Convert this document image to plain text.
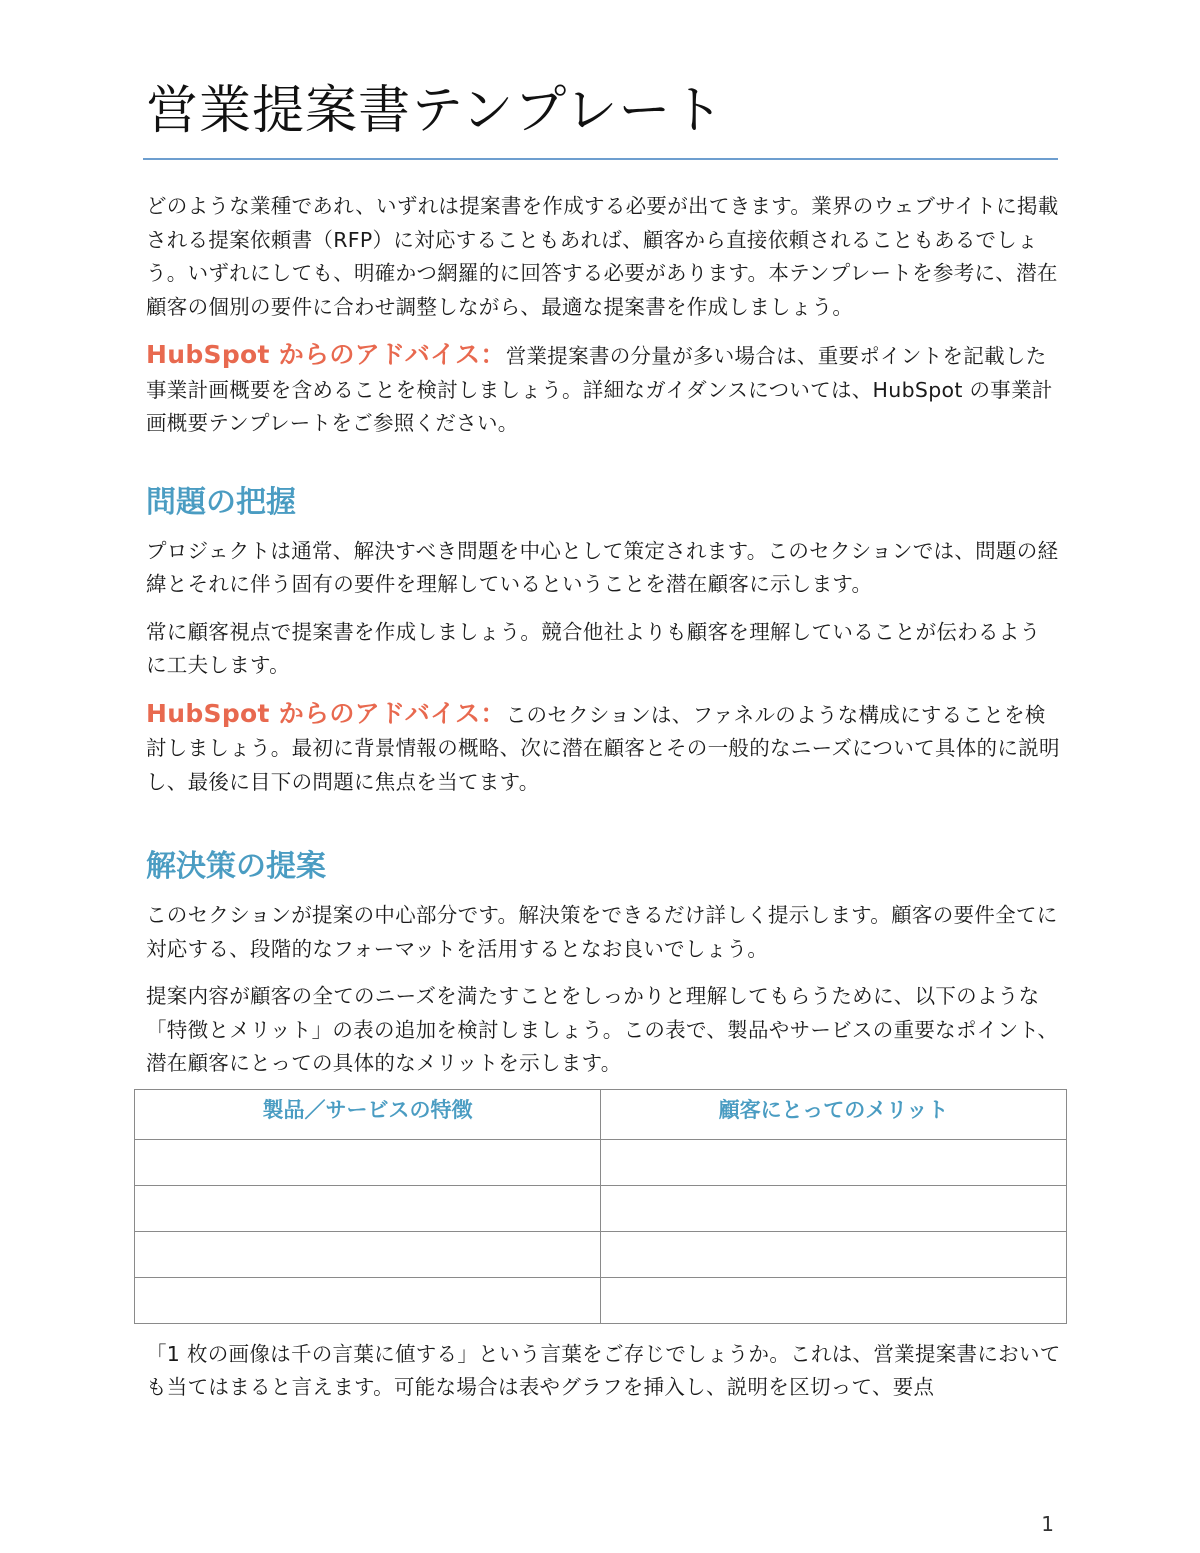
営業提案書テンプレート

どのような業種であれ、いずれは提案書を作成する必要が出てきます。業界のウェブサイトに掲載される提案依頼書（RFP）に対応することもあれば、顧客から直接依頼されることもあるでしょう。いずれにしても、明確かつ網羅的に回答する必要があります。本テンプレートを参考に、潜在顧客の個別の要件に合わせ調整しながら、最適な提案書を作成しましょう。

HubSpot からのアドバイス：営業提案書の分量が多い場合は、重要ポイントを記載した事業計画概要を含めることを検討しましょう。詳細なガイダンスについては、HubSpot の事業計画概要テンプレートをご参照ください。

問題の把握

プロジェクトは通常、解決すべき問題を中心として策定されます。このセクションでは、問題の経緯とそれに伴う固有の要件を理解しているということを潜在顧客に示します。

常に顧客視点で提案書を作成しましょう。競合他社よりも顧客を理解していることが伝わるように工夫します。

HubSpot からのアドバイス：このセクションは、ファネルのような構成にすることを検討しましょう。最初に背景情報の概略、次に潜在顧客とその一般的なニーズについて具体的に説明し、最後に目下の問題に焦点を当てます。

解決策の提案

このセクションが提案の中心部分です。解決策をできるだけ詳しく提示します。顧客の要件全てに対応する、段階的なフォーマットを活用するとなお良いでしょう。

提案内容が顧客の全てのニーズを満たすことをしっかりと理解してもらうために、以下のような「特徴とメリット」の表の追加を検討しましょう。この表で、製品やサービスの重要なポイント、潜在顧客にとっての具体的なメリットを示します。

製品／サービスの特徴	顧客にとってのメリット

「1 枚の画像は千の言葉に値する」という言葉をご存じでしょうか。これは、営業提案書においても当てはまると言えます。可能な場合は表やグラフを挿入し、説明を区切って、要点

1
